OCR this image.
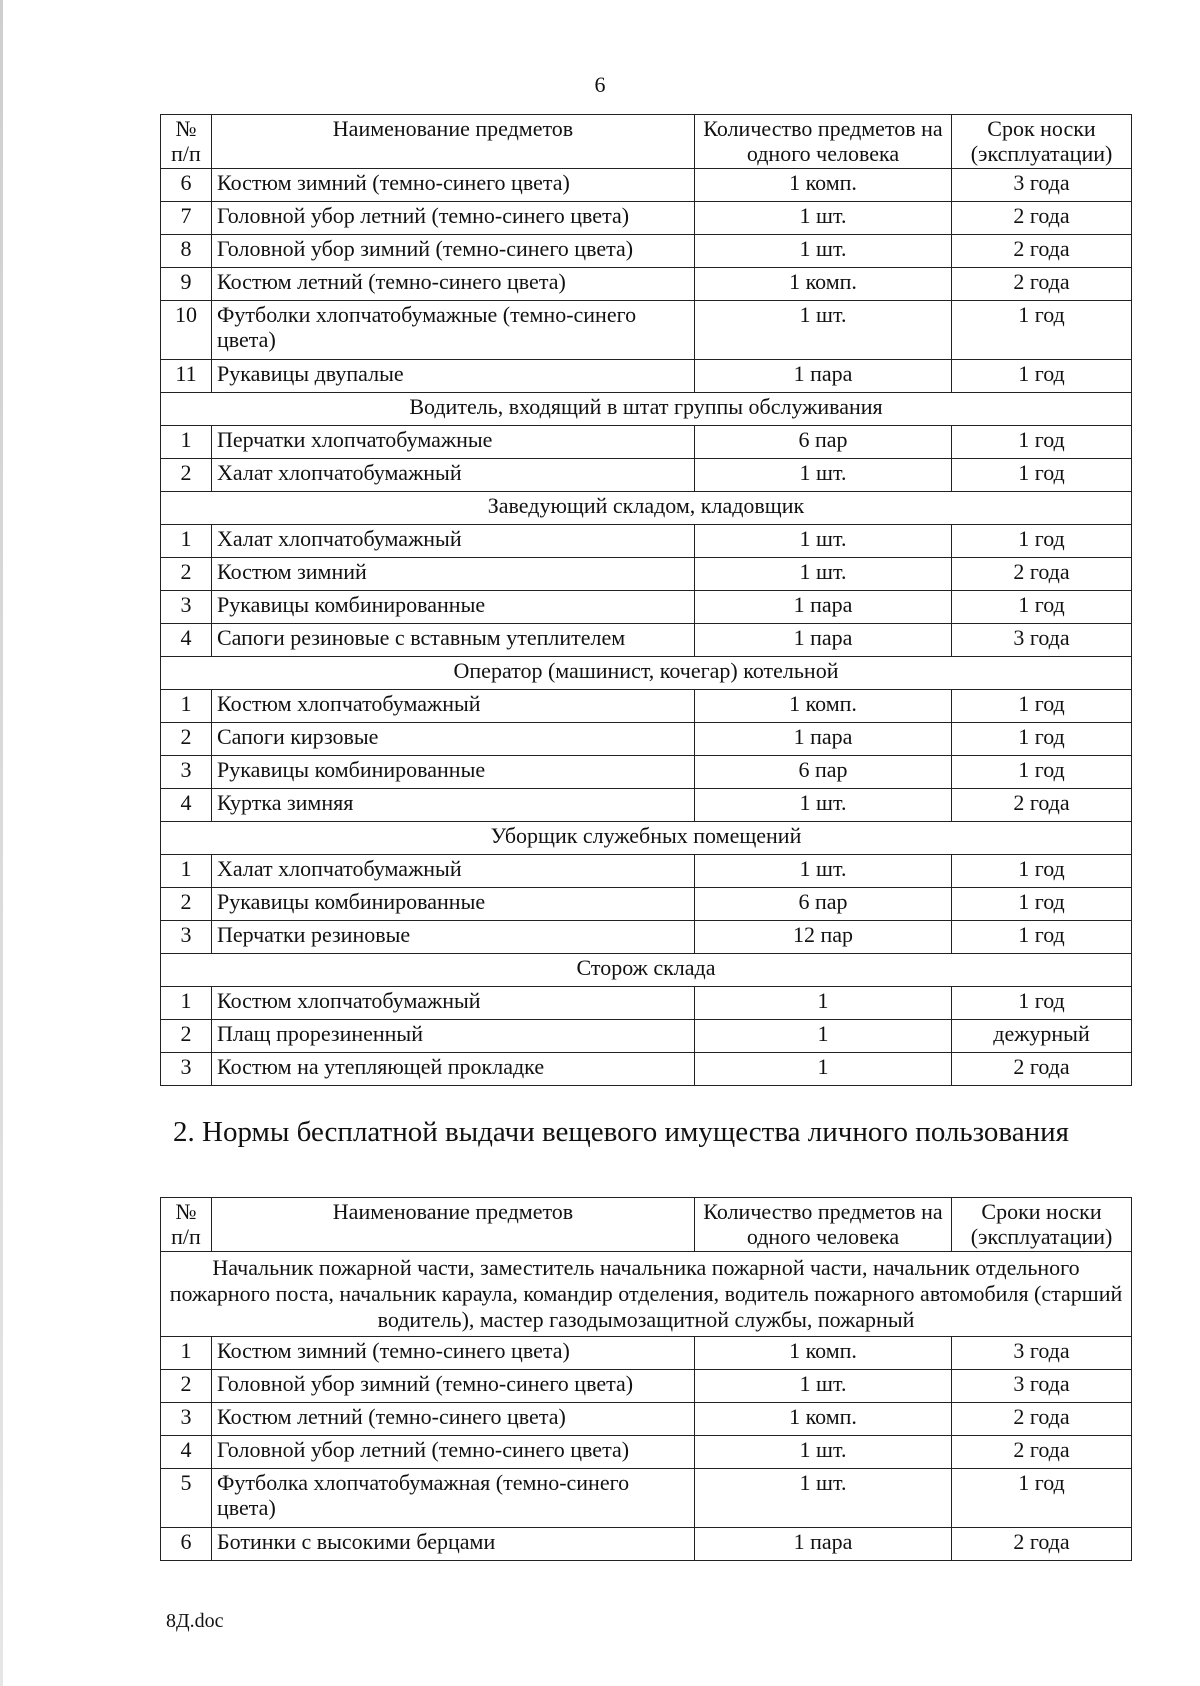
6
№ п/п	Наименование предметов	Количество предметов на одного человека	Срок носки (эксплуатации)
6	Костюм зимний (темно-синего цвета)	1 комп.	3 года
7	Головной убор летний (темно-синего цвета)	1 шт.	2 года
8	Головной убор зимний (темно-синего цвета)	1 шт.	2 года
9	Костюм летний (темно-синего цвета)	1 комп.	2 года
10	Футболки хлопчатобумажные (темно-синего цвета)	1 шт.	1 год
11	Рукавицы двупалые	1 пара	1 год
Водитель, входящий в штат группы обслуживания			
1	Перчатки хлопчатобумажные	6 пар	1 год
2	Халат хлопчатобумажный	1 шт.	1 год
Заведующий складом, кладовщик			
1	Халат хлопчатобумажный	1 шт.	1 год
2	Костюм зимний	1 шт.	2 года
3	Рукавицы комбинированные	1 пара	1 год
4	Сапоги резиновые с вставным утеплителем	1 пара	3 года
Оператор (машинист, кочегар) котельной			
1	Костюм хлопчатобумажный	1 комп.	1 год
2	Сапоги кирзовые	1 пара	1 год
3	Рукавицы комбинированные	6 пар	1 год
4	Куртка зимняя	1 шт.	2 года
Уборщик служебных помещений			
1	Халат хлопчатобумажный	1 шт.	1 год
2	Рукавицы комбинированные	6 пар	1 год
3	Перчатки резиновые	12 пар	1 год
Сторож склада			
1	Костюм хлопчатобумажный	1	1 год
2	Плащ прорезиненный	1	дежурный
3	Костюм на утепляющей прокладке	1	2 года
2. Нормы бесплатной выдачи вещевого имущества личного пользования
№ п/п	Наименование предметов	Количество предметов на одного человека	Сроки носки (эксплуатации)
Начальник пожарной части, заместитель начальника пожарной части, начальник отдельного пожарного поста, начальник караула, командир отделения, водитель пожарного автомобиля (старший водитель), мастер газодымозащитной службы, пожарный			
1	Костюм зимний (темно-синего цвета)	1 комп.	3 года
2	Головной убор зимний (темно-синего цвета)	1 шт.	3 года
3	Костюм летний (темно-синего цвета)	1 комп.	2 года
4	Головной убор летний (темно-синего цвета)	1 шт.	2 года
5	Футболка хлопчатобумажная (темно-синего цвета)	1 шт.	1 год
6	Ботинки с высокими берцами	1 пара	2 года
8Д.doc
